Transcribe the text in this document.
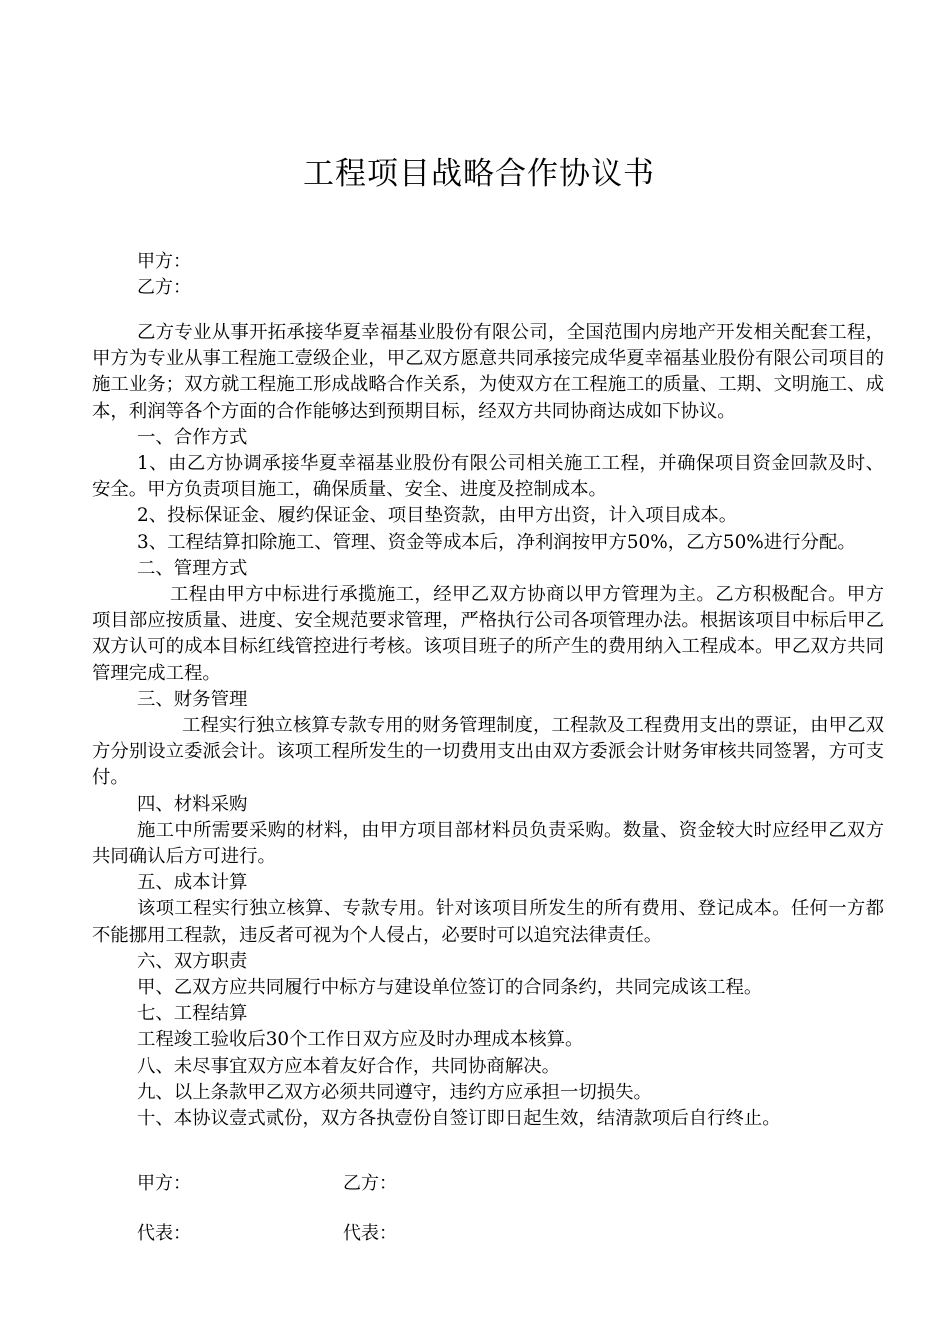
工程项目战略合作协议书
甲方：
乙方：

乙方专业从事开拓承接华夏幸福基业股份有限公司，全国范围内房地产开发相关配套工程，甲方为专业从事工程施工壹级企业，甲乙双方愿意共同承接完成华夏幸福基业股份有限公司项目的施工业务；双方就工程施工形成战略合作关系，为使双方在工程施工的质量、工期、文明施工、成本，利润等各个方面的合作能够达到预期目标，经双方共同协商达成如下协议。

一、合作方式

1、由乙方协调承接华夏幸福基业股份有限公司相关施工工程，并确保项目资金回款及时、安全。甲方负责项目施工，确保质量、安全、进度及控制成本。

2、投标保证金、履约保证金、项目垫资款，由甲方出资，计入项目成本。

3、工程结算扣除施工、管理、资金等成本后，净利润按甲方50%，乙方50%进行分配。

二、管理方式

工程由甲方中标进行承揽施工，经甲乙双方协商以甲方管理为主。乙方积极配合。甲方项目部应按质量、进度、安全规范要求管理，严格执行公司各项管理办法。根据该项目中标后甲乙双方认可的成本目标红线管控进行考核。该项目班子的所产生的费用纳入工程成本。甲乙双方共同管理完成工程。

三、财务管理

工程实行独立核算专款专用的财务管理制度，工程款及工程费用支出的票证，由甲乙双方分别设立委派会计。该项工程所发生的一切费用支出由双方委派会计财务审核共同签署，方可支付。

四、材料采购

施工中所需要采购的材料，由甲方项目部材料员负责采购。数量、资金较大时应经甲乙双方共同确认后方可进行。

五、成本计算

该项工程实行独立核算、专款专用。针对该项目所发生的所有费用、登记成本。任何一方都不能挪用工程款，违反者可视为个人侵占，必要时可以追究法律责任。

六、双方职责

甲、乙双方应共同履行中标方与建设单位签订的合同条约，共同完成该工程。

七、工程结算

工程竣工验收后30个工作日双方应及时办理成本核算。

八、未尽事宜双方应本着友好合作，共同协商解决。

九、以上条款甲乙双方必须共同遵守，违约方应承担一切损失。

十、本协议壹式贰份，双方各执壹份自签订即日起生效，结清款项后自行终止。

甲方：	乙方：
代表：	代表：
